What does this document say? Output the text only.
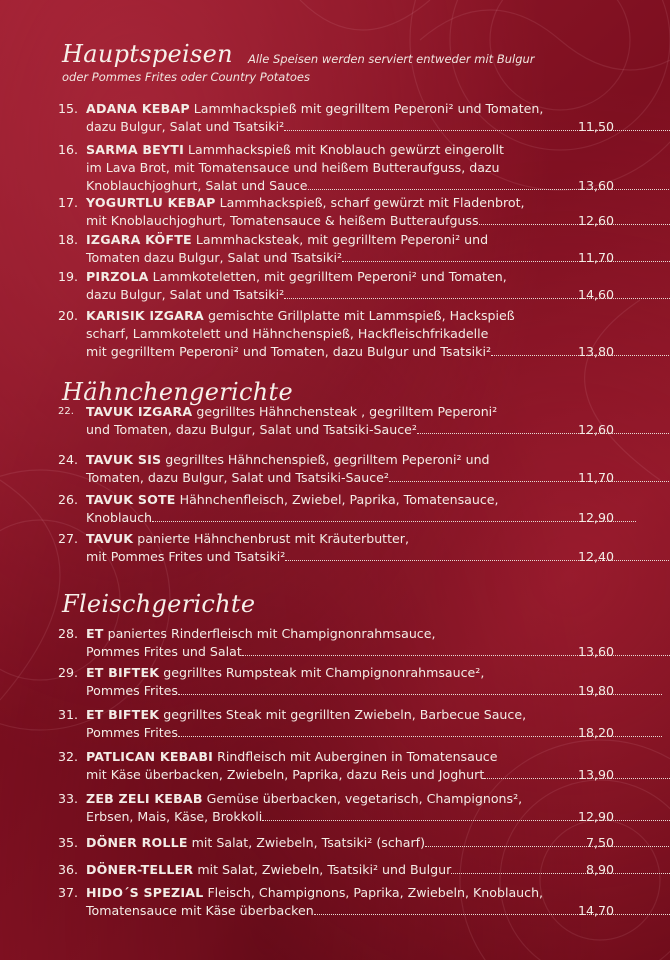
Hauptspeisen Alle Speisen werden serviert entweder mit Bulgur
oder Pommes Frites oder Country Potatoes
15. ADANA KEBAP Lammhackspieß mit gegrilltem Peperoni² und Tomaten,
dazu Bulgur, Salat und Tsatsiki²	11,50
16. SARMA BEYTI Lammhackspieß mit Knoblauch gewürzt eingerollt
im Lava Brot, mit Tomatensauce und heißem Butteraufguss, dazu
Knoblauchjoghurt, Salat und Sauce	13,60
17. YOGURTLU KEBAP Lammhackspieß, scharf gewürzt mit Fladenbrot,
mit Knoblauchjoghurt, Tomatensauce & heißem Butteraufguss	12,60
18. IZGARA KÖFTE Lammhacksteak, mit gegrilltem Peperoni² und
Tomaten dazu Bulgur, Salat und Tsatsiki²	11,70
19. PIRZOLA Lammkoteletten, mit gegrilltem Peperoni² und Tomaten,
dazu Bulgur, Salat und Tsatsiki²	14,60
20. KARISIK IZGARA gemischte Grillplatte mit Lammspieß, Hackspieß
scharf, Lammkotelett und Hähnchenspieß, Hackfleischfrikadelle
mit gegrilltem Peperoni² und Tomaten, dazu Bulgur und Tsatsiki²	13,80
Hähnchengerichte
22. TAVUK IZGARA gegrilltes Hähnchensteak , gegrilltem Peperoni²
und Tomaten, dazu Bulgur, Salat und Tsatsiki-Sauce²	12,60
24. TAVUK SIS gegrilltes Hähnchenspieß, gegrilltem Peperoni² und
Tomaten, dazu Bulgur, Salat und Tsatsiki-Sauce²	11,70
26. TAVUK SOTE Hähnchenfleisch, Zwiebel, Paprika, Tomatensauce,
Knoblauch	12,90
27. TAVUK panierte Hähnchenbrust mit Kräuterbutter,
mit Pommes Frites und Tsatsiki²	12,40
Fleischgerichte
28. ET paniertes Rinderfleisch mit Champignonrahmsauce,
Pommes Frites und Salat	13,60
29. ET BIFTEK gegrilltes Rumpsteak mit Champignonrahmsauce²,
Pommes Frites	19,80
31. ET BIFTEK gegrilltes Steak mit gegrillten Zwiebeln, Barbecue Sauce,
Pommes Frites	18,20
32. PATLICAN KEBABI Rindfleisch mit Auberginen in Tomatensauce
mit Käse überbacken, Zwiebeln, Paprika, dazu Reis und Joghurt	13,90
33. ZEB ZELI KEBAB Gemüse überbacken, vegetarisch, Champignons²,
Erbsen, Mais, Käse, Brokkoli	12,90
35. DÖNER ROLLE mit Salat, Zwiebeln, Tsatsiki² (scharf)	7,50
36. DÖNER-TELLER mit Salat, Zwiebeln, Tsatsiki² und Bulgur	8,90
37. HIDO´S SPEZIAL Fleisch, Champignons, Paprika, Zwiebeln, Knoblauch,
Tomatensauce mit Käse überbacken	14,70
